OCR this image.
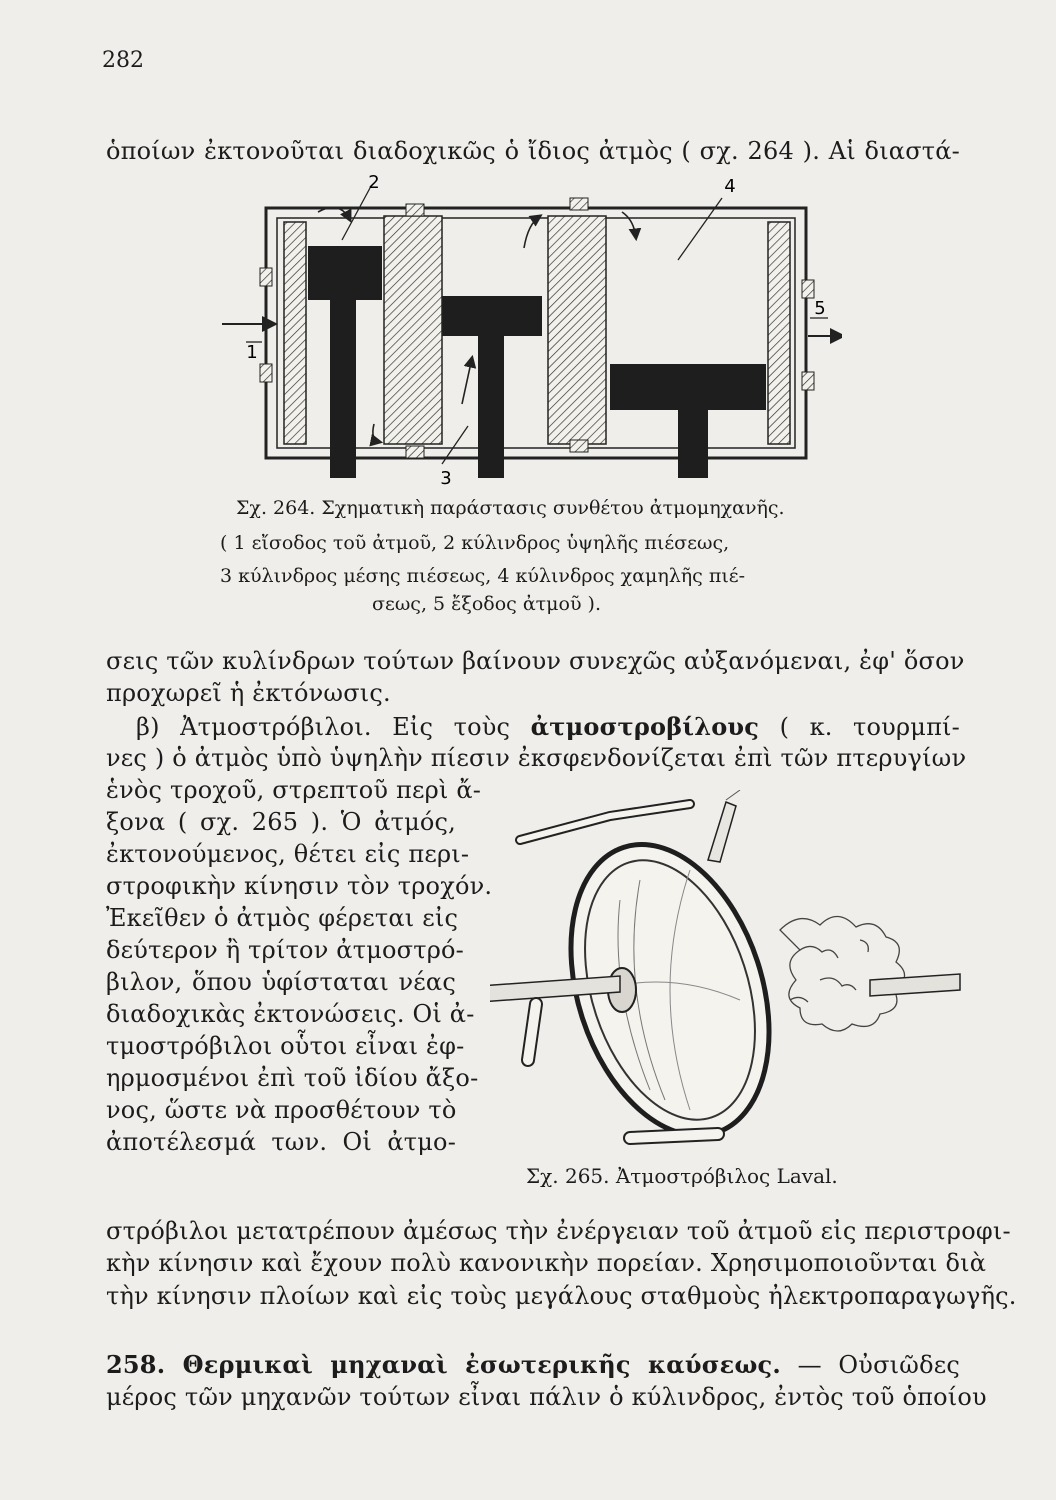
282
ὁποίων ἐκτονοῦται διαδοχικῶς ὁ ἴδιος ἀτμὸς ( σχ. 264 ). Αἱ διαστά-
1
2
3
4
5
Σχ. 264. Σχηματικὴ παράστασις συνθέτου ἀτμομηχανῆς.
( 1 εἴσοδος τοῦ ἀτμοῦ, 2 κύλινδρος ὑψηλῆς πιέσεως,
3 κύλινδρος μέσης πιέσεως, 4 κύλινδρος χαμηλῆς πιέ-
σεως, 5 ἔξοδος ἀτμοῦ ).
σεις τῶν κυλίνδρων τούτων βαίνουν συνεχῶς αὐξανόμεναι, ἐφ' ὅσον
προχωρεῖ ἡ ἐκτόνωσις.
β) Ἀτμοστρόβιλοι. Εἰς τοὺς ἀτμοστροβίλους ( κ. τουρμπί-
νες ) ὁ ἀτμὸς ὑπὸ ὑψηλὴν πίεσιν ἐκσφενδονίζεται ἐπὶ τῶν πτερυγίων
ἑνὸς τροχοῦ, στρεπτοῦ περὶ ἄ-
ξονα ( σχ. 265 ). Ὁ ἀτμός,
ἐκτονούμενος, θέτει εἰς περι-
στροφικὴν κίνησιν τὸν τροχόν.
Ἐκεῖθεν ὁ ἀτμὸς φέρεται εἰς
δεύτερον ἢ τρίτον ἀτμοστρό-
βιλον, ὅπου ὑφίσταται νέας
διαδοχικὰς ἐκτονώσεις. Οἱ ἀ-
τμοστρόβιλοι οὗτοι εἶναι ἐφ-
ηρμοσμένοι ἐπὶ τοῦ ἰδίου ἄξο-
νος, ὥστε νὰ προσθέτουν τὸ
ἀποτέλεσμά των. Οἱ ἀτμο-
Σχ. 265. Ἀτμοστρόβιλος Laval.
στρόβιλοι μετατρέπουν ἀμέσως τὴν ἐνέργειαν τοῦ ἀτμοῦ εἰς περιστροφι-
κὴν κίνησιν καὶ ἔχουν πολὺ κανονικὴν πορείαν. Χρησιμοποιοῦνται διὰ
τὴν κίνησιν πλοίων καὶ εἰς τοὺς μεγάλους σταθμοὺς ἠλεκτροπαραγωγῆς.
258. Θερμικαὶ μηχαναὶ ἐσωτερικῆς καύσεως. — Οὐσιῶδες
μέρος τῶν μηχανῶν τούτων εἶναι πάλιν ὁ κύλινδρος, ἐντὸς τοῦ ὁποίου
